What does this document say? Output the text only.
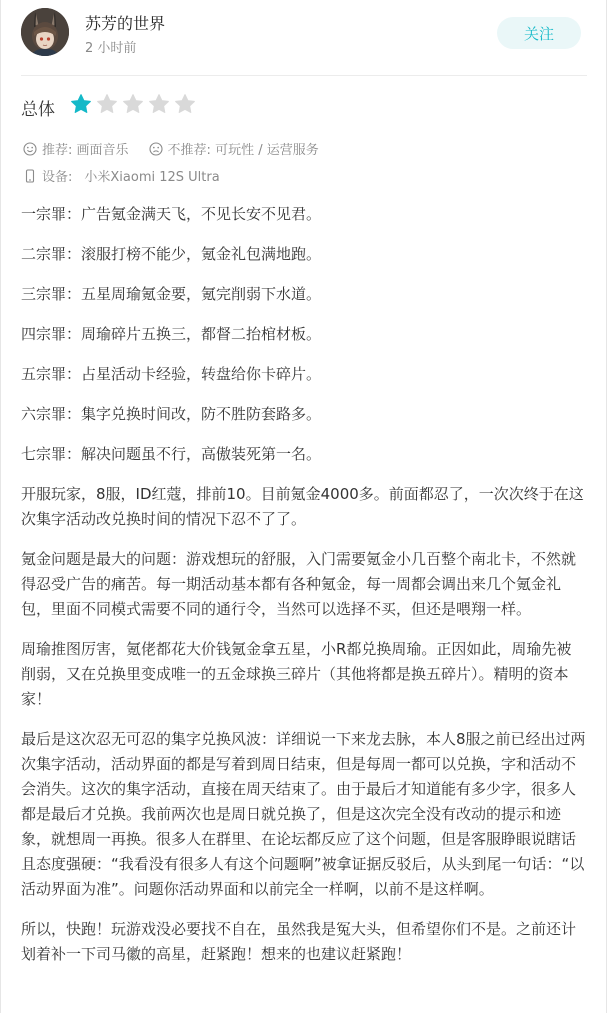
苏芳的世界
2 小时前
关注
总体
推荐: 画面音乐	不推荐: 可玩性 / 运营服务
设备: 小米Xiaomi 12S Ultra

一宗罪：广告氪金满天飞，不见长安不见君。

二宗罪：滚服打榜不能少，氪金礼包满地跑。

三宗罪：五星周瑜氪金要，氪完削弱下水道。

四宗罪：周瑜碎片五换三，都督二抬棺材板。

五宗罪：占星活动卡经验，转盘给你卡碎片。

六宗罪：集字兑换时间改，防不胜防套路多。

七宗罪：解决问题虽不行，高傲装死第一名。

开服玩家，8服，ID红蔻，排前10。目前氪金4000多。前面都忍了，一次次终于在这次集字活动改兑换时间的情况下忍不了了。

氪金问题是最大的问题：游戏想玩的舒服，入门需要氪金小几百整个南北卡，不然就得忍受广告的痛苦。每一期活动基本都有各种氪金，每一周都会调出来几个氪金礼包，里面不同模式需要不同的通行令，当然可以选择不买，但还是喂翔一样。

周瑜推图厉害，氪佬都花大价钱氪金拿五星，小R都兑换周瑜。正因如此，周瑜先被削弱，又在兑换里变成唯一的五金球换三碎片（其他将都是换五碎片）。精明的资本家！

最后是这次忍无可忍的集字兑换风波：详细说一下来龙去脉，本人8服之前已经出过两次集字活动，活动界面的都是写着到周日结束，但是每周一都可以兑换，字和活动不会消失。这次的集字活动，直接在周天结束了。由于最后才知道能有多少字，很多人都是最后才兑换。我前两次也是周日就兑换了，但是这次完全没有改动的提示和迹象，就想周一再换。很多人在群里、在论坛都反应了这个问题，但是客服睁眼说瞎话且态度强硬：“我看没有很多人有这个问题啊”被拿证据反驳后，从头到尾一句话：“以活动界面为准”。问题你活动界面和以前完全一样啊，以前不是这样啊。

所以，快跑！玩游戏没必要找不自在，虽然我是冤大头，但希望你们不是。之前还计划着补一下司马徽的高星，赶紧跑！想来的也建议赶紧跑！
